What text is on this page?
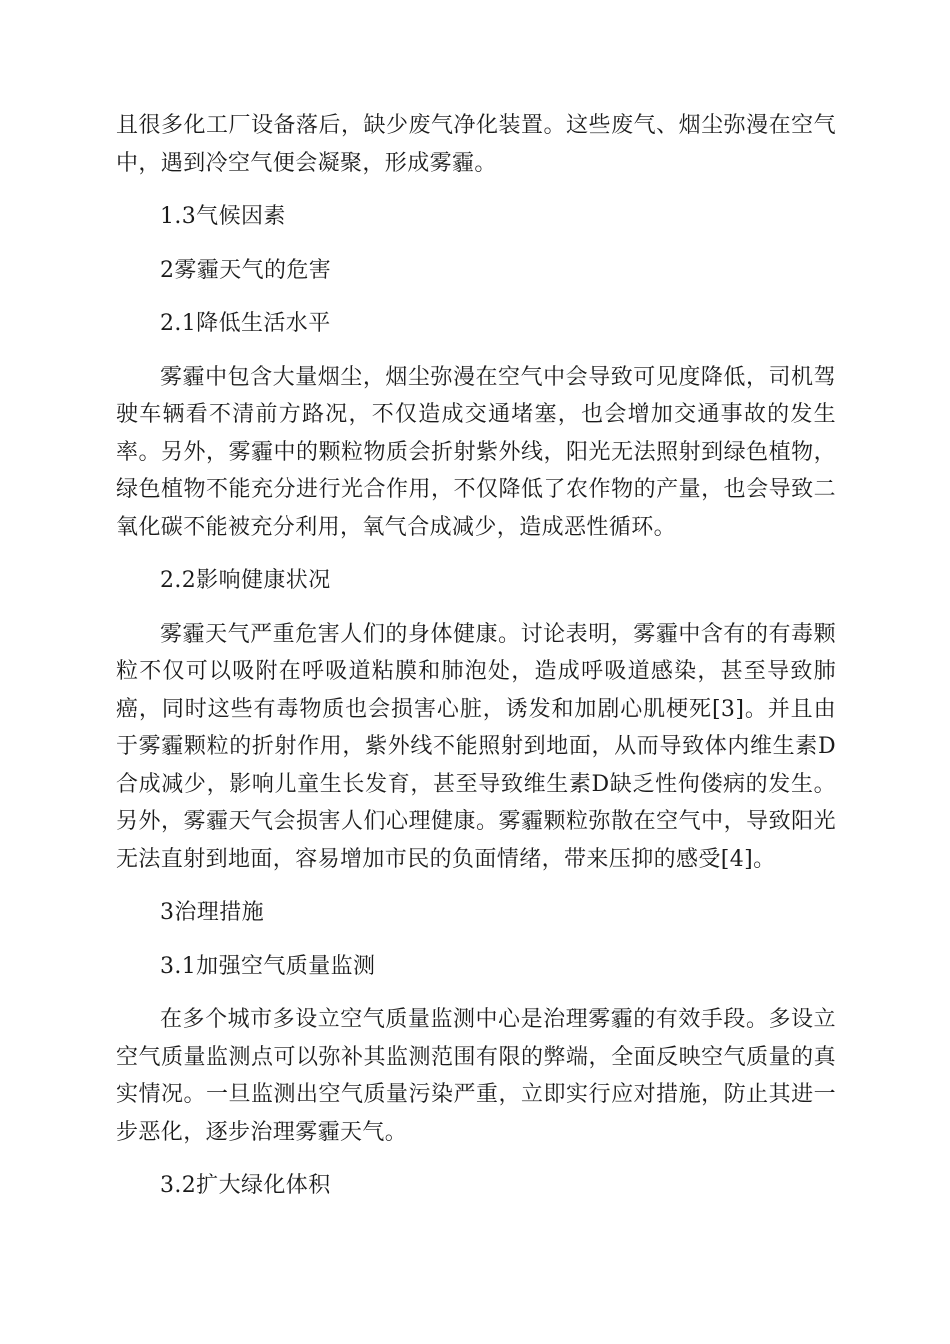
且很多化工厂设备落后，缺少废气净化装置。这些废气、烟尘弥漫在空气中，遇到冷空气便会凝聚，形成雾霾。

1.3气候因素

2雾霾天气的危害

2.1降低生活水平

雾霾中包含大量烟尘，烟尘弥漫在空气中会导致可见度降低，司机驾驶车辆看不清前方路况，不仅造成交通堵塞，也会增加交通事故的发生率。另外，雾霾中的颗粒物质会折射紫外线，阳光无法照射到绿色植物，绿色植物不能充分进行光合作用，不仅降低了农作物的产量，也会导致二氧化碳不能被充分利用，氧气合成减少，造成恶性循环。

2.2影响健康状况

雾霾天气严重危害人们的身体健康。讨论表明，雾霾中含有的有毒颗粒不仅可以吸附在呼吸道粘膜和肺泡处，造成呼吸道感染，甚至导致肺癌，同时这些有毒物质也会损害心脏，诱发和加剧心肌梗死[3]。并且由于雾霾颗粒的折射作用，紫外线不能照射到地面，从而导致体内维生素D合成减少，影响儿童生长发育，甚至导致维生素D缺乏性佝偻病的发生。另外，雾霾天气会损害人们心理健康。雾霾颗粒弥散在空气中，导致阳光无法直射到地面，容易增加市民的负面情绪，带来压抑的感受[4]。

3治理措施

3.1加强空气质量监测

在多个城市多设立空气质量监测中心是治理雾霾的有效手段。多设立空气质量监测点可以弥补其监测范围有限的弊端，全面反映空气质量的真实情况。一旦监测出空气质量污染严重，立即实行应对措施，防止其进一步恶化，逐步治理雾霾天气。

3.2扩大绿化体积
